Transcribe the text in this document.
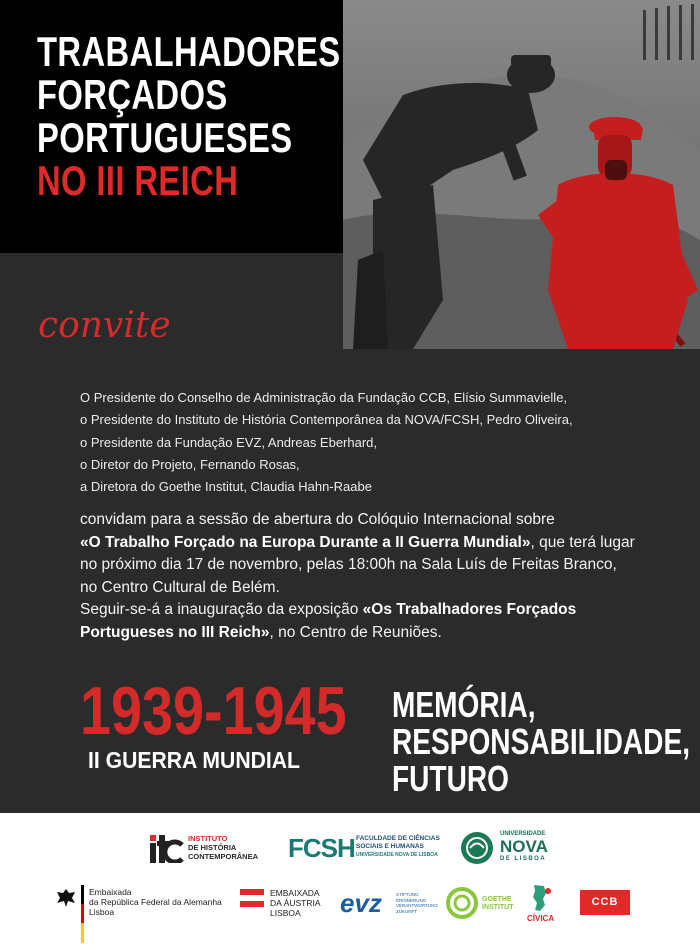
TRABALHADORES
FORÇADOS
PORTUGUESES
NO III REICH
convite
O Presidente do Conselho de Administração da Fundação CCB, Elísio Summavielle,
o Presidente do Instituto de História Contemporânea da NOVA/FCSH, Pedro Oliveira,
o Presidente da Fundação EVZ, Andreas Eberhard,
o Diretor do Projeto, Fernando Rosas,
a Diretora do Goethe Institut, Claudia Hahn-Raabe
convidam para a sessão de abertura do Colóquio Internacional sobre
«O Trabalho Forçado na Europa Durante a II Guerra Mundial», que terá lugar
no próximo dia 17 de novembro, pelas 18:00h na Sala Luís de Freitas Branco,
no Centro Cultural de Belém.
Seguir-se-á a inauguração da exposição «Os Trabalhadores Forçados
Portugueses no III Reich», no Centro de Reuniões.
1939-1945
II GUERRA MUNDIAL
MEMÓRIA,
RESPONSABILIDADE,
FUTURO
INSTITUTO
DE HISTÓRIA
CONTEMPORÂNEA FCSH FACULDADE DE CIÊNCIAS
SOCIAIS E HUMANAS
UNIVERSIDADE NOVA DE LISBOA
UNIVERSIDADE
NOVA
DE LISBOA
Embaixada
da República Federal da Alemanha
Lisboa
EMBAIXADA
DA ÁUSTRIA
LISBOA	evz	STIFTUNG
ERINNERUNG
VERANTWORTUNG
ZUKUNFT
GOETHE
INSTITUT
CÍVICA
CCB
